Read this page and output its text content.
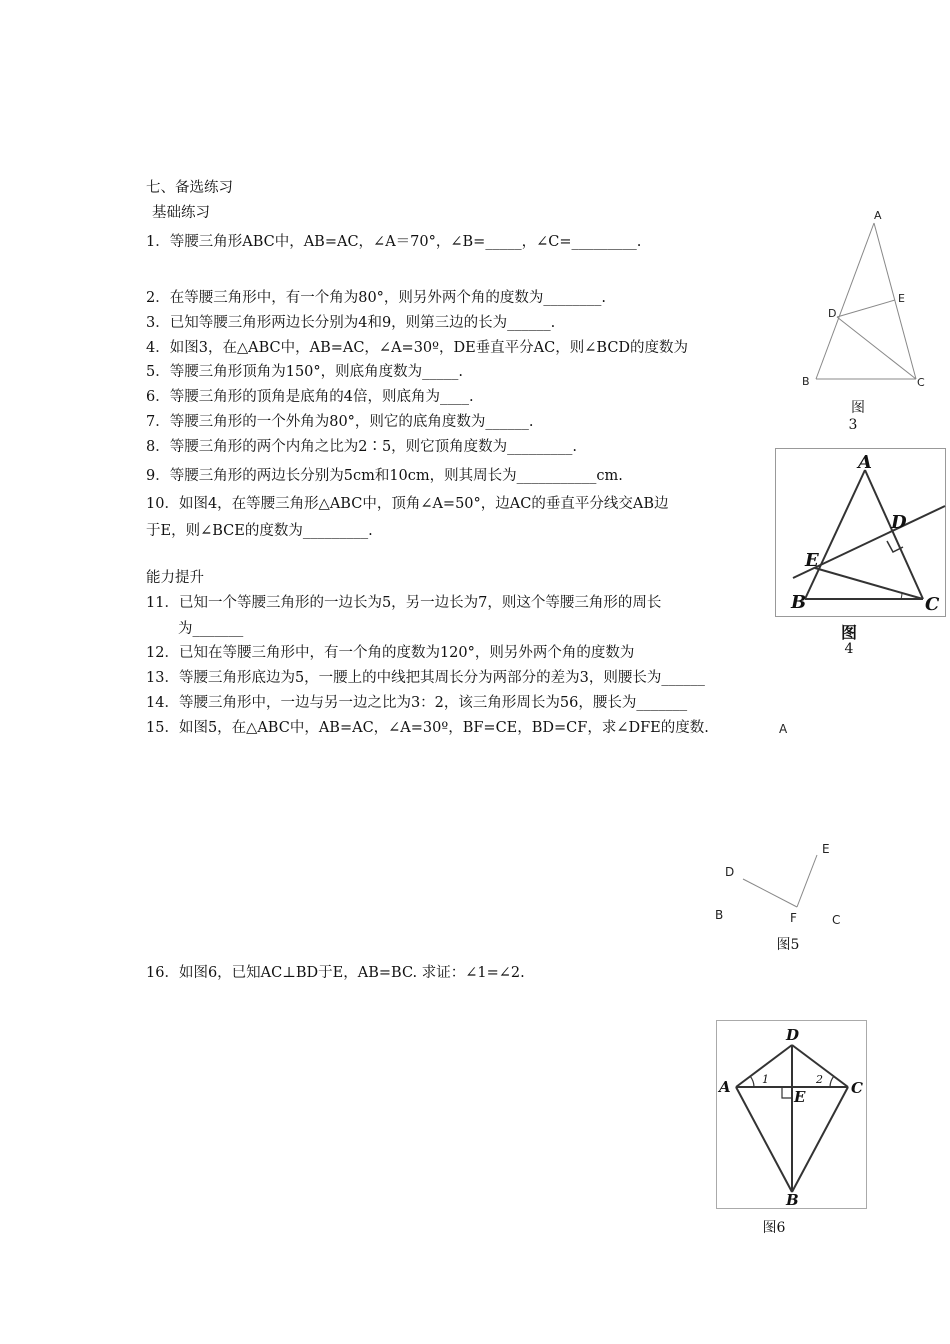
七、备选练习
基础练习
1．等腰三角形ABC中，AB=AC，∠A＝70°，∠B=_____，∠C=_________.
2．在等腰三角形中，有一个角为80°，则另外两个角的度数为________.
3．已知等腰三角形两边长分别为4和9，则第三边的长为______.
4．如图3，在△ABC中，AB=AC，∠A=30º，DE垂直平分AC，则∠BCD的度数为
5．等腰三角形顶角为150°，则底角度数为_____.
6．等腰三角形的顶角是底角的4倍，则底角为____.
7．等腰三角形的一个外角为80°，则它的底角度数为______.
8．等腰三角形的两个内角之比为2∶5，则它顶角度数为_________.
9．等腰三角形的两边长分别为5cm和10cm，则其周长为___________cm.
10．如图4，在等腰三角形△ABC中，顶角∠A=50°，边AC的垂直平分线交AB边
于E，则∠BCE的度数为_________.
能力提升
11．已知一个等腰三角形的一边长为5，另一边长为7，则这个等腰三角形的周长
为_______
12．已知在等腰三角形中，有一个角的度数为120°，则另外两个角的度数为
13．等腰三角形底边为5，一腰上的中线把其周长分为两部分的差为3，则腰长为______
14．等腰三角形中，一边与另一边之比为3：2，该三角形周长为56，腰长为_______
15．如图5，在△ABC中，AB=AC，∠A=30º，BF=CE，BD=CF，求∠DFE的度数.
16．如图6，已知AC⊥BD于E，AB=BC. 求证：∠1=∠2.
A
B	C
D
E
图
3
A
B	C
D
E
图
4
A
E
D
B	F	C
图5
D
A	C
E
B
1	2
图6
